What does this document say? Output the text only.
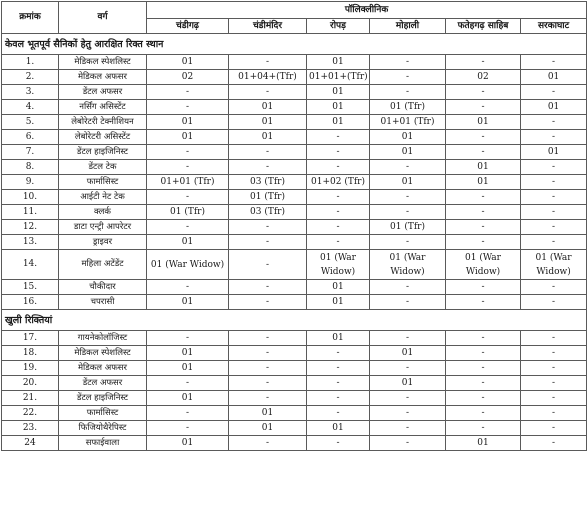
क्रमांक	वर्ग	पॉलिक्लीनिक					
		चंडीगढ़	चंडीमंदिर	रोपड़	मोहाली	फतेहगढ़ साहिब	सरकाघाट
केवल भूतपूर्व सैनिकों हेतु आरक्षित रिक्त स्थान							
1.	मेडिकल स्पेशलिस्ट	01	-	01	-	-	-
2.	मेडिकल अफसर	02	01+04+(Tfr)	01+01+(Tfr)	-	02	01
3.	डेंटल अफसर	-	-	01	-	-	-
4.	नर्सिंग असिस्टेंट	-	01	01	01 (Tfr)	-	01
5.	लेबोरेटरी टेक्नीशियन	01	01	01	01+01 (Tfr)	01	-
6.	लेबोरेटरी असिस्टेंट	01	01	-	01	-	-
7.	डेंटल हाइजिनिस्ट	-	-	-	01	-	01
8.	डेंटल टेक	-	-	-	-	01	-
9.	फार्मासिस्ट	01+01 (Tfr)	03 (Tfr)	01+02 (Tfr)	01	01	-
10.	आईटी नेट टेक	-	01 (Tfr)	-	-	-	-
11.	क्लर्क	01 (Tfr)	03 (Tfr)	-	-	-	-
12.	डाटा एन्ट्री आपरेटर	-	-	-	01 (Tfr)	-	-
13.	ड्राइवर	01	-	-	-	-	-
14.	महिला अटेंडेंट	01 (War Widow)	-	01 (War Widow)	01 (War Widow)	01 (War Widow)	01 (War Widow)
15.	चौकीदार	-	-	01	-	-	-
16.	चपरासी	01	-	01	-	-	-
खुली रिक्तियां							
17.	गायनेकोलॉजिस्ट	-	-	01	-	-	-
18.	मेडिकल स्पेशलिस्ट	01	-	-	01	-	-
19.	मेडिकल अफसर	01	-	-	-	-	-
20.	डेंटल अफसर	-	-	-	01	-	-
21.	डेंटल हाइजिनिस्ट	01	-	-	-	-	-
22.	फार्मासिस्ट	-	01	-	-	-	-
23.	फिजियोथैरेपिस्ट	-	01	01	-	-	-
24	सफाईवाला	01	-	-	-	01	-
